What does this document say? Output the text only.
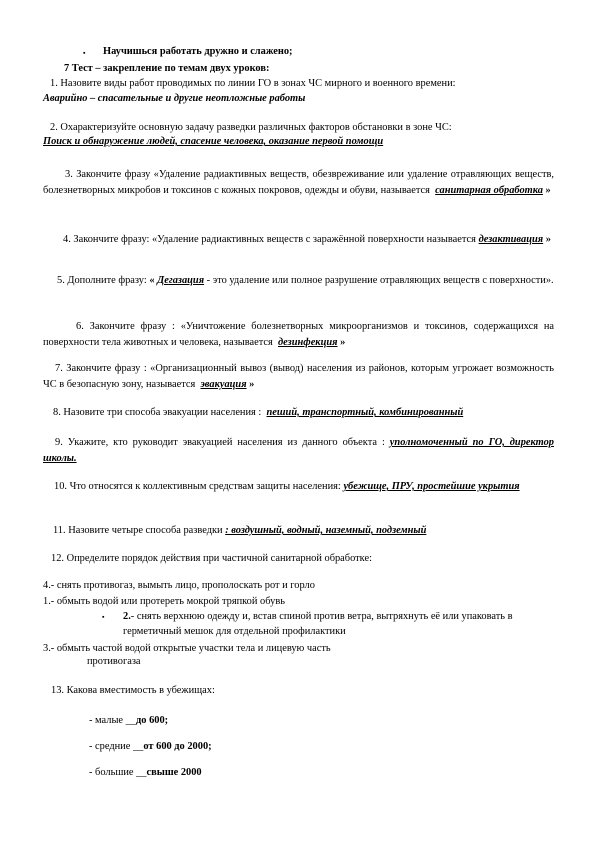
▪ Научишься работать дружно и слажено;

7 Тест – закрепление по темам двух уроков:

1. Назовите виды работ проводимых по линии ГО в зонах ЧС мирного и военного времени:

Аварийно – спасательные и другие неотложные работы

2. Охарактеризуйте основную задачу разведки различных факторов обстановки в зоне ЧС:

Поиск и обнаружение людей, спасение человека, оказание первой помощи

3. Закончите фразу «Удаление радиактивных веществ, обезвреживание или удаление отравляющих веществ, болезнетворных микробов и токсинов с кожных покровов, одежды и обуви, называется санитарная обработка »

4. Закончите фразу: «Удаление радиактивных веществ с заражённой поверхности называется дезактивация »

5. Дополните фразу: « Дегазация - это удаление или полное разрушение отравляющих веществ с поверхности».

6. Закончите фразу : «Уничтожение болезнетворных микроорганизмов и токсинов, содержащихся на поверхности тела животных и человека, называется дезинфекция »

7. Закончите фразу : «Организационный вывоз (вывод) населения из районов, которым угрожает возможность ЧС в безопасную зону, называется эвакуация »

8. Назовите три способа эвакуации населения : пеший, транспортный, комбинированный

9. Укажите, кто руководит эвакуацией населения из данного объекта : уполномоченный по ГО, директор школы.

10. Что относятся к коллективным средствам защиты населения: убежище, ПРУ, простейшие укрытия

11. Назовите четыре способа разведки : воздушный, водный, наземный, подземный

12. Определите порядок действия при частичной санитарной обработке:

4.- снять противогаз, вымыть лицо, прополоскать рот и горло

1.- обмыть водой или протереть мокрой тряпкой обувь

▪ 2.- снять верхнюю одежду и, встав спиной против ветра, вытряхнуть её или упаковать в герметичный мешок для отдельной профилактики

3.- обмыть частой водой открытые участки тела и лицевую часть

противогаза

13. Какова вместимость в убежищах:

- малые __до 600;

- средние __от 600 до 2000;

- большие __свыше 2000
